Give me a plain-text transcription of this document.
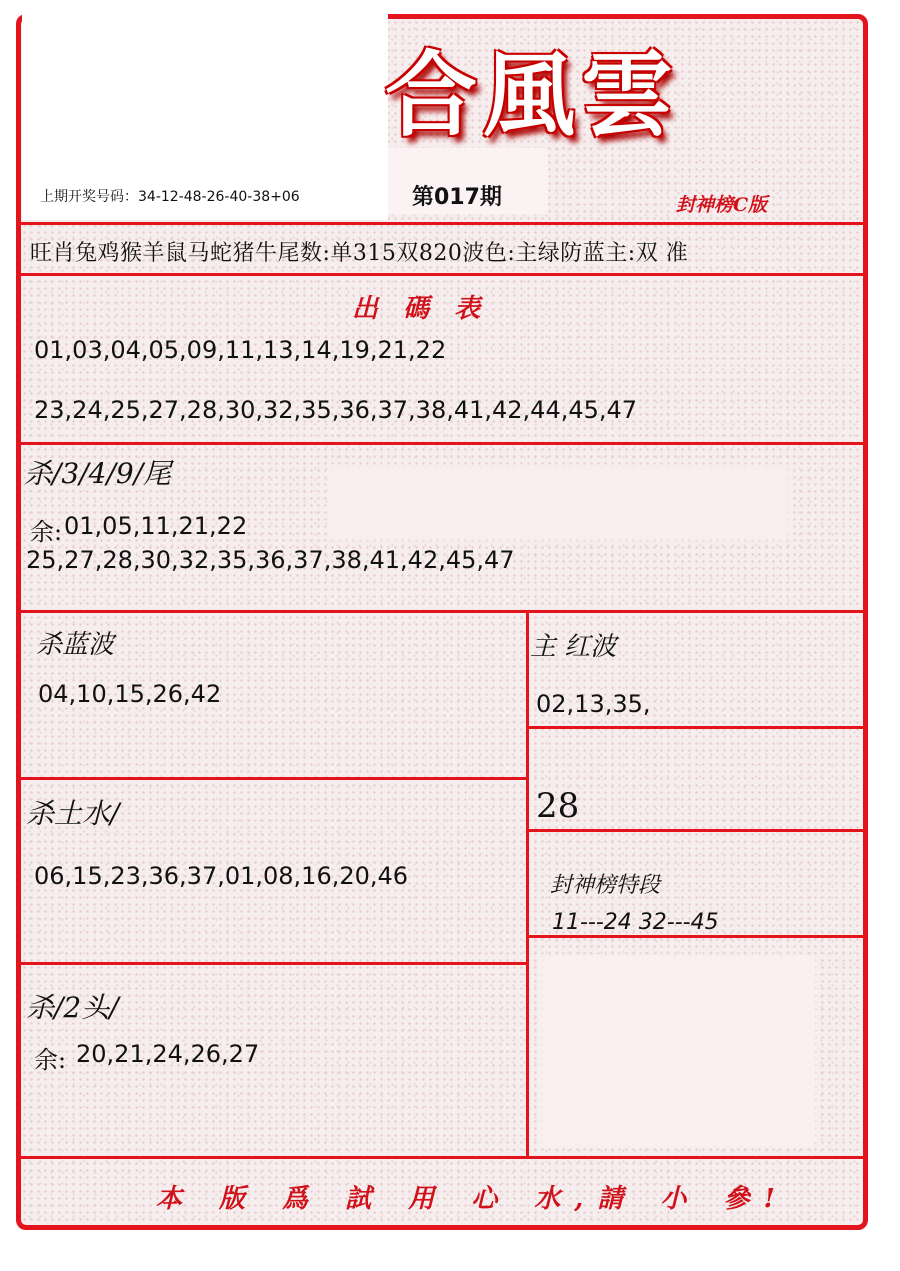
合風雲
封神榜C版
上期开奖号码：34-12-48-26-40-38+06	第017期
旺肖兔鸡猴羊鼠马蛇猪牛尾数:单315双820波色:主绿防蓝主:双 准
出 碼 表
01,03,04,05,09,11,13,14,19,21,22
23,24,25,27,28,30,32,35,36,37,38,41,42,44,45,47
杀/3/4/9/尾
余: 01,05,11,21,22
25,27,28,30,32,35,36,37,38,41,42,45,47
杀蓝波
04,10,15,26,42
主 红波
02,13,35,
28
杀土水/
06,15,23,36,37,01,08,16,20,46	封神榜特段
11---24 32---45
杀/2头/
余: 20,21,24,26,27
本 版 爲 試 用 心 水,請 小 參!
